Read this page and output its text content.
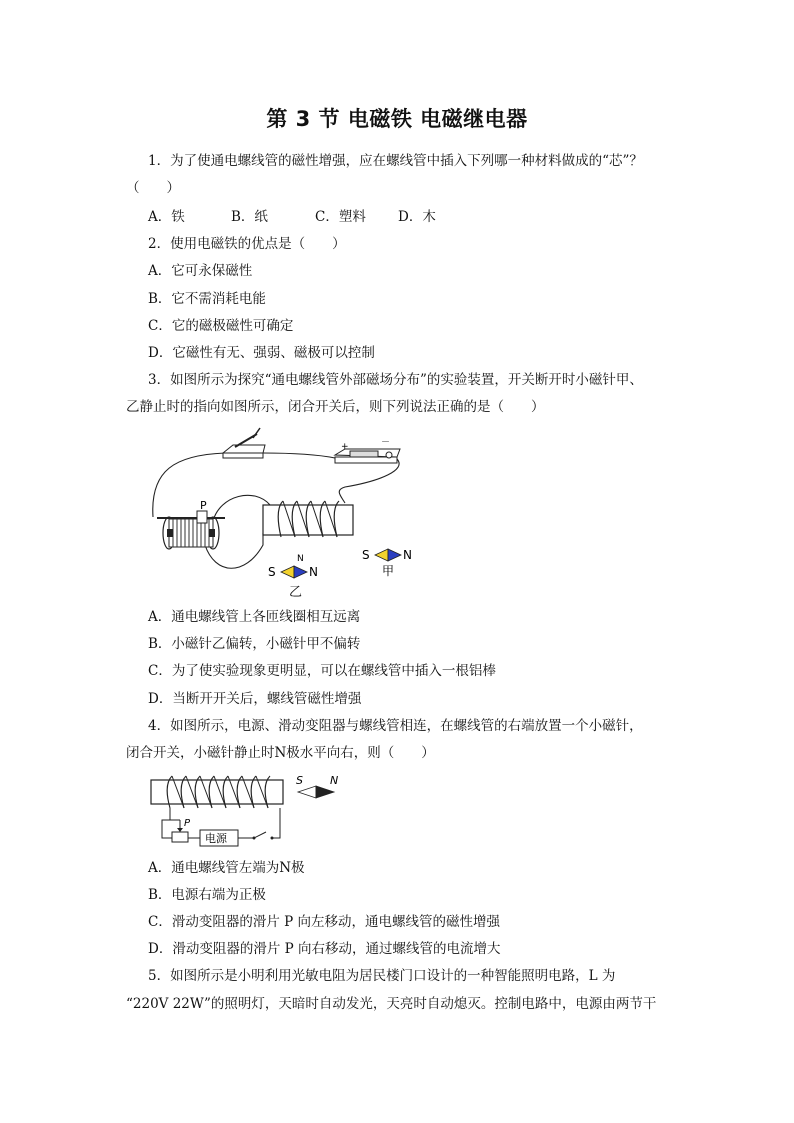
第 3 节 电磁铁 电磁继电器
1．为了使通电螺线管的磁性增强，应在螺线管中插入下列哪一种材料做成的“芯”？
（　　）
A．铁	B．纸	C．塑料 D．木
2．使用电磁铁的优点是（　　）
A．它可永保磁性
B．它不需消耗电能
C．它的磁极磁性可确定
D．它磁性有无、强弱、磁极可以控制
3．如图所示为探究“通电螺线管外部磁场分布”的实验装置，开关断开时小磁针甲、
乙静止时的指向如图所示，闭合开关后，则下列说法正确的是（　　）
+	－
P
S	N
甲
S	N
N
乙
A．通电螺线管上各匝线圈相互远离
B．小磁针乙偏转，小磁针甲不偏转
C．为了使实验现象更明显，可以在螺线管中插入一根铝棒
D．当断开开关后，螺线管磁性增强
4．如图所示，电源、滑动变阻器与螺线管相连，在螺线管的右端放置一个小磁针，
闭合开关，小磁针静止时N极水平向右，则（　　）
P
电源
S N
A．通电螺线管左端为N极
B．电源右端为正极
C．滑动变阻器的滑片 P 向左移动，通电螺线管的磁性增强
D．滑动变阻器的滑片 P 向右移动，通过螺线管的电流增大
5．如图所示是小明利用光敏电阻为居民楼门口设计的一种智能照明电路，L 为
“220V 22W”的照明灯，天暗时自动发光，天亮时自动熄灭。控制电路中，电源由两节干
